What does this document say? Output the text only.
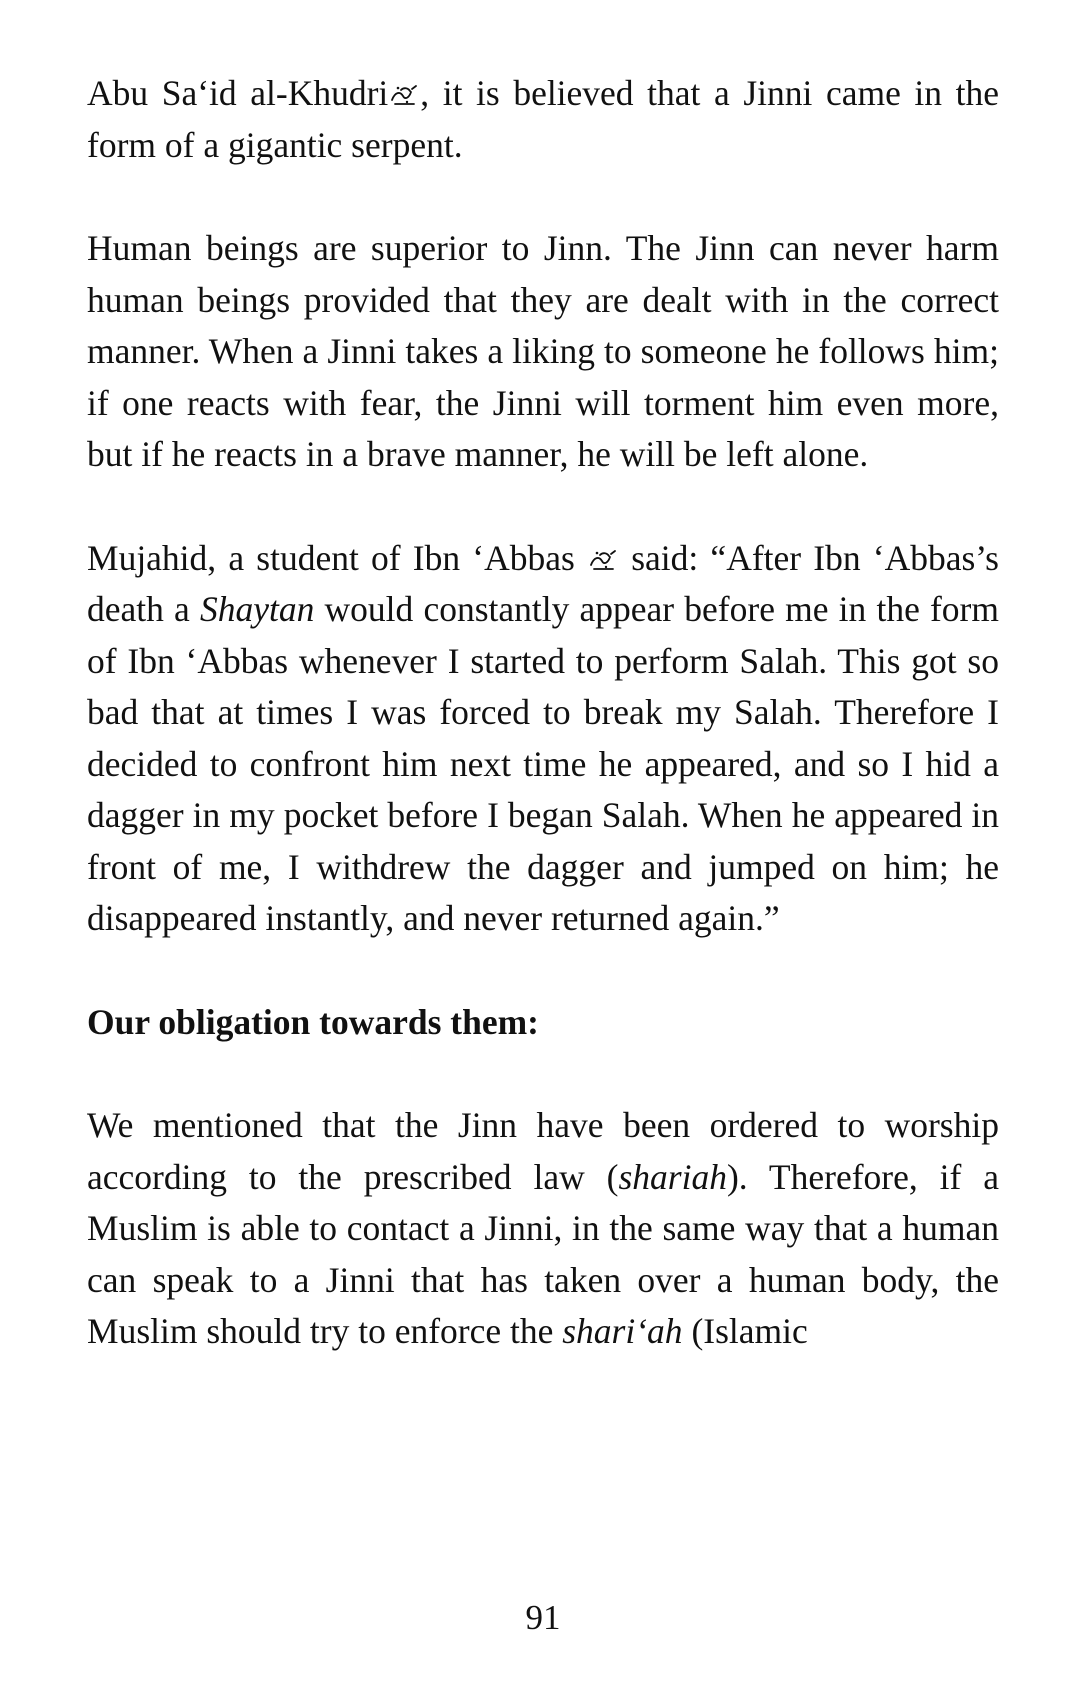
Abu Sa‘id al-Khudri , it is believed that a Jinni came in the form of a gigantic serpent.

Human beings are superior to Jinn. The Jinn can never harm human beings provided that they are dealt with in the correct manner. When a Jinni takes a liking to someone he follows him; if one reacts with fear, the Jinni will torment him even more, but if he reacts in a brave manner, he will be left alone.

Mujahid, a student of Ibn ‘Abbas
said: “After Ibn ‘Abbas’s death a Shaytan would constantly appear before me in the form of Ibn ‘Abbas whenever I started to perform Salah. This got so bad that at times I was forced to break my Salah. Therefore I decided to confront him next time he appeared, and so I hid a dagger in my pocket before I began Salah. When he appeared in front of me, I withdrew the dagger and jumped on him; he disappeared instantly, and never returned again.”

Our obligation towards them:

We mentioned that the Jinn have been ordered to worship according to the prescribed law (shariah). Therefore, if a Muslim is able to contact a Jinni, in the same way that a human can speak to a Jinni that has taken over a human body, the Muslim should try to enforce the shari‘ah (Islamic

91
